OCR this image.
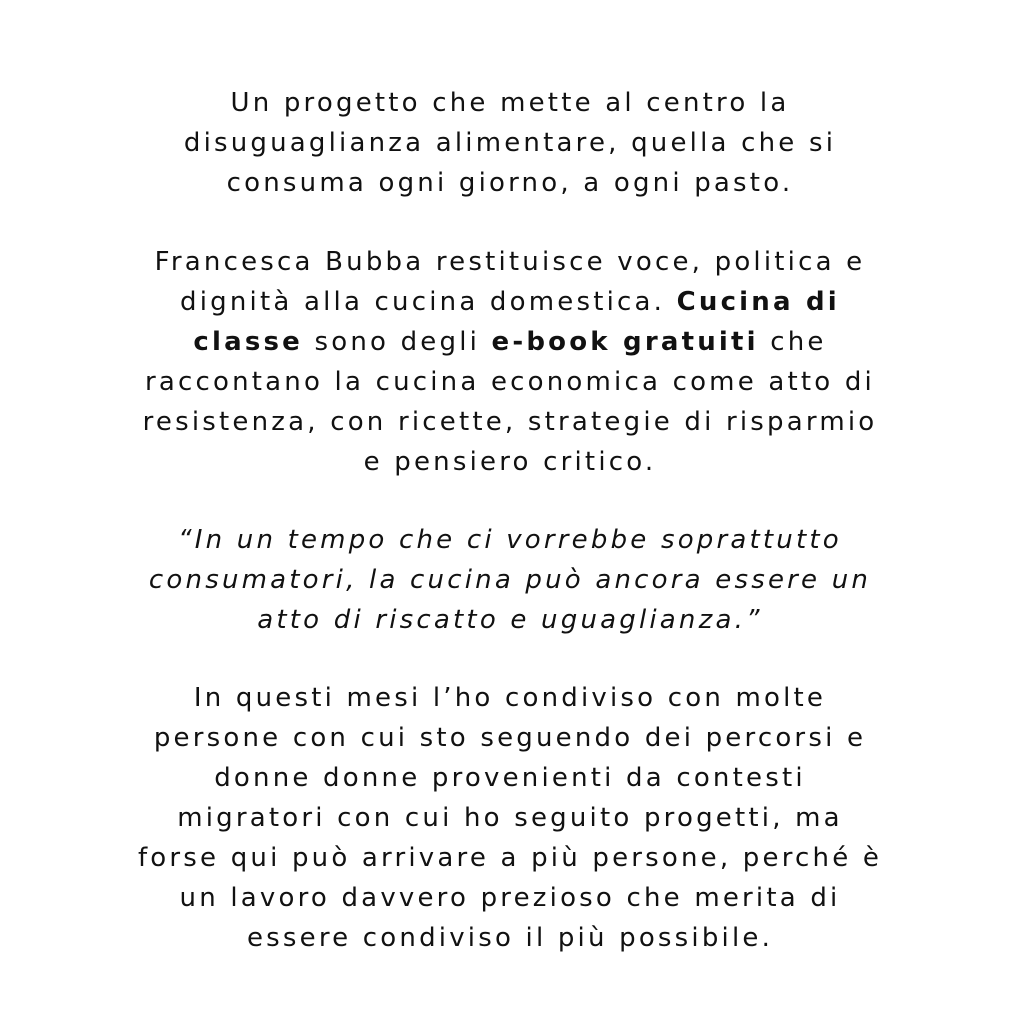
Un progetto che mette al centro la
disuguaglianza alimentare, quella che si
consuma ogni giorno, a ogni pasto.
Francesca Bubba restituisce voce, politica e
dignità alla cucina domestica. Cucina di
classe sono degli e-book gratuiti che
raccontano la cucina economica come atto di
resistenza, con ricette, strategie di risparmio
e pensiero critico.
“In un tempo che ci vorrebbe soprattutto
consumatori, la cucina può ancora essere un
atto di riscatto e uguaglianza.”
In questi mesi l’ho condiviso con molte
persone con cui sto seguendo dei percorsi e
donne donne provenienti da contesti
migratori con cui ho seguito progetti, ma
forse qui può arrivare a più persone, perché è
un lavoro davvero prezioso che merita di
essere condiviso il più possibile.
